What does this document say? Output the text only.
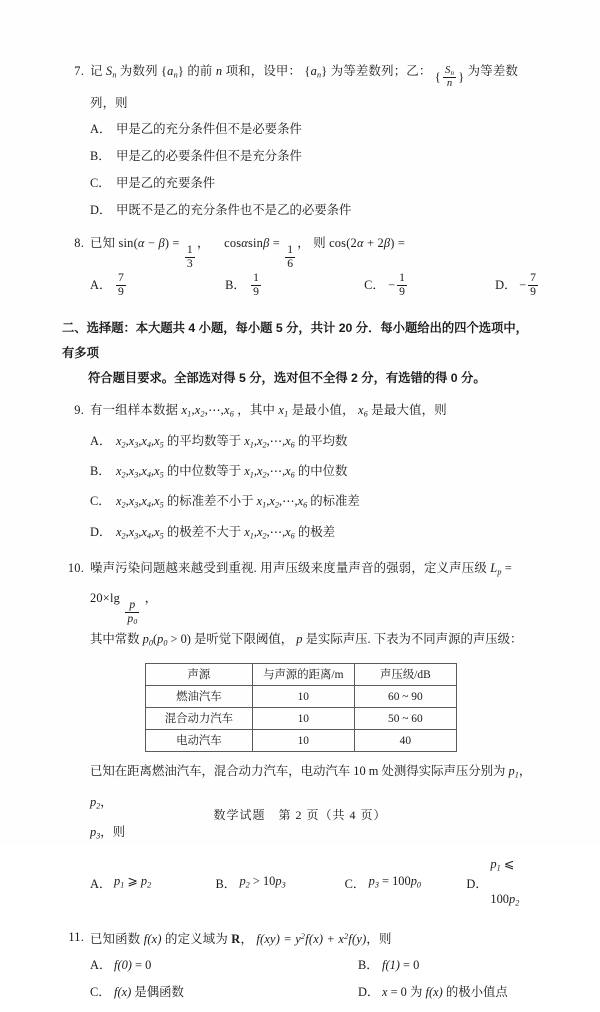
7. 记 $S_n$ 为数列 $\{a_n\}$ 的前 n 项和，设甲： $\{a_n\}$ 为等差数列；乙： { $\frac{S_n}{n}$ } 为等差数列，则
A． 甲是乙的充分条件但不是必要条件
B． 甲是乙的必要条件但不是充分条件
C． 甲是乙的充要条件
D． 甲既不是乙的充分条件也不是乙的必要条件
8. 已知 sin(α − β) =
$\frac{1}{3}$
， cosαsinβ =
$\frac{1}{6}$
， 则 cos(2α + 2β) =
A． $\frac{7}{9}$	B． $\frac{1}{9}$	C． − $\frac{1}{9}$	D． − $\frac{7}{9}$
二、选择题：本大题共 4 小题，每小题 5 分，共计 20 分．每小题给出的四个选项中，有多项
符合题目要求。全部选对得 5 分，选对但不全得 2 分，有选错的得 0 分。
9. 有一组样本数据 $x_1,x_2,\cdots,x_6$ ，其中 $x_1$ 是最小值， $x_6$ 是最大值，则
A． $x_2,x_3,x_4,x_5$ 的平均数等于 $x_1,x_2,\cdots,x_6$ 的平均数
B． $x_2,x_3,x_4,x_5$ 的中位数等于 $x_1,x_2,\cdots,x_6$ 的中位数
C． $x_2,x_3,x_4,x_5$ 的标准差不小于 $x_1,x_2,\cdots,x_6$ 的标准差
D． $x_2,x_3,x_4,x_5$ 的极差不大于 $x_1,x_2,\cdots,x_6$ 的极差
10. 噪声污染问题越来越受到重视. 用声压级来度量声音的强弱，定义声压级 $L_p = 20\times\lg$
$\frac{p}{p_0}$
，
其中常数 $p_0(p_0 > 0)$ 是听觉下限阈值， p 是实际声压. 下表为不同声源的声压级：
声源	与声源的距离/m	声压级/dB
燃油汽车	10	60 ~ 90
混合动力汽车	10	50 ~ 60
电动汽车	10	40
已知在距离燃油汽车，混合动力汽车，电动汽车 10 m 处测得实际声压分别为 $p_1$， $p_2$，
$p_3$，则
A． $p_1$ ⩾ $p_2$	B． $p_2 > 10p_3$	C． $p_3 = 100p_0$	D．
$p_1$ ⩽ $100p_2$
11. 已知函数 f(x) 的定义域为 R， $f(xy) = y^2f(x) + x^2f(y)$，则
A． f(0) = 0	B． f(1) = 0
C． f(x) 是偶函数	D． x = 0 为 f(x) 的极小值点
数学试题　第 2 页（共 4 页）
